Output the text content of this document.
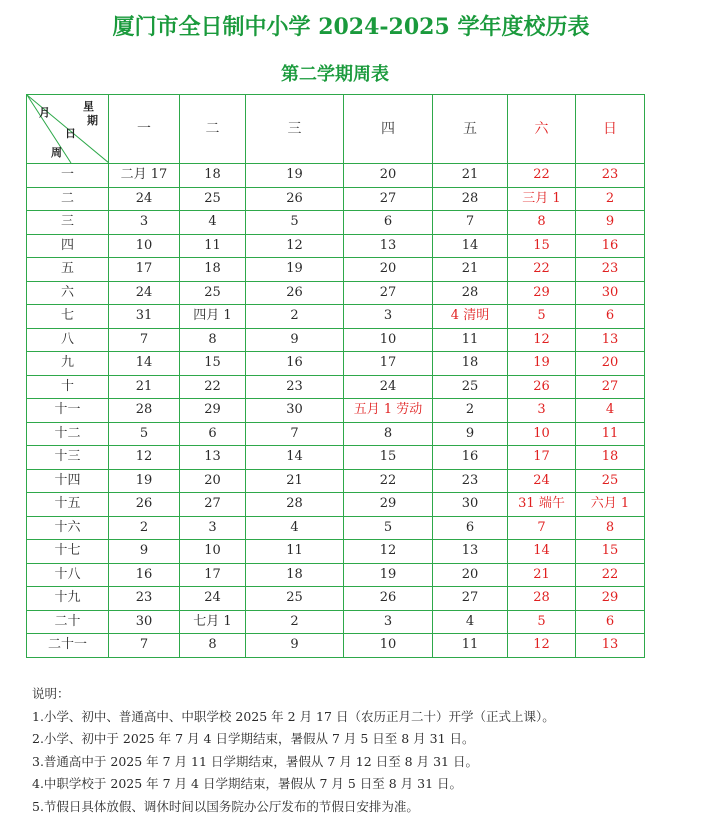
厦门市全日制中小学 2024-2025 学年度校历表
第二学期周表
月 星
期
日
周	一	二	三	四	五	六	日
一	二月 17	18	19	20	21	22	23
二	24	25	26	27	28	三月 1	2
三	3	4	5	6	7	8	9
四	10	11	12	13	14	15	16
五	17	18	19	20	21	22	23
六	24	25	26	27	28	29	30
七	31	四月 1	2	3	4 清明	5	6
八	7	8	9	10	11	12	13
九	14	15	16	17	18	19	20
十	21	22	23	24	25	26	27
十一	28	29	30	五月 1 劳动	2	3	4
十二	5	6	7	8	9	10	11
十三	12	13	14	15	16	17	18
十四	19	20	21	22	23	24	25
十五	26	27	28	29	30	31 端午	六月 1
十六	2	3	4	5	6	7	8
十七	9	10	11	12	13	14	15
十八	16	17	18	19	20	21	22
十九	23	24	25	26	27	28	29
二十	30	七月 1	2	3	4	5	6
二十一	7	8	9	10	11	12	13
说明：
1.小学、初中、普通高中、中职学校 2025 年 2 月 17 日（农历正月二十）开学（正式上课）。
2.小学、初中于 2025 年 7 月 4 日学期结束，暑假从 7 月 5 日至 8 月 31 日。
3.普通高中于 2025 年 7 月 11 日学期结束，暑假从 7 月 12 日至 8 月 31 日。
4.中职学校于 2025 年 7 月 4 日学期结束，暑假从 7 月 5 日至 8 月 31 日。
5.节假日具体放假、调休时间以国务院办公厅发布的节假日安排为准。
